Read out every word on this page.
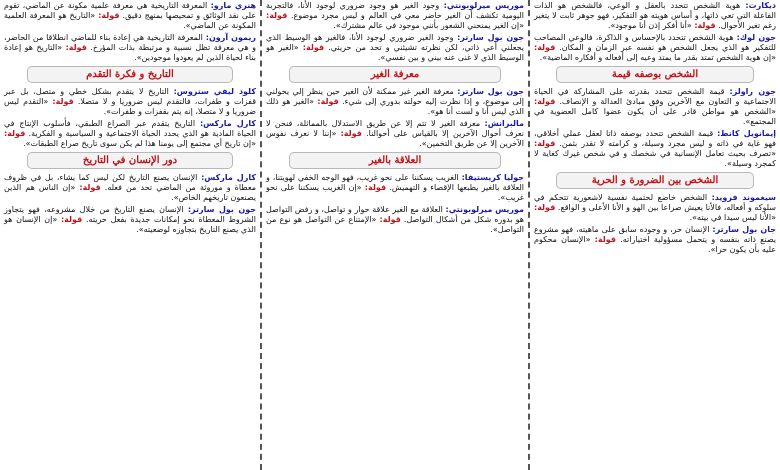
ديكارت: هوية الشخص تتحدد بالعقل و الوعي، فالشخص هو الذات الفاعلة التي تعي ذاتها، و أساس هويته هو التفكير، فهو جوهر ثابت لا يتغير رغم تغير الأحوال. قولة: «أنا أفكر إذن أنا موجود».

جون لوك: هوية الشخص تتحدد بالإحساس و الذاكرة، فالوعي المصاحب للتفكير هو الذي يجعل الشخص هو نفسه عبر الزمان و المكان. قولة: «إن هوية الشخص تمتد بقدر ما يمتد وعيه إلى أفعاله و أفكاره الماضية».

الشخص بوصفه قيمة

جون راولز: قيمة الشخص تتحدد بقدرته على المشاركة في الحياة الاجتماعية و التعاون مع الآخرين وفق مبادئ العدالة و الإنصاف. قولة: «الشخص هو مواطن قادر على أن يكون عضوا كامل العضوية في المجتمع».

إيمانويل كانط: قيمة الشخص تتحدد بوصفه ذاتا لعقل عملي أخلاقي، فهو غاية في ذاته و ليس مجرد وسيلة، و كرامته لا تقدر بثمن. قولة: «تصرف بحيث تعامل الإنسانية في شخصك و في شخص غيرك كغاية لا كمجرد وسيلة».

الشخص بين الضرورة و الحرية

سيغموند فرويد: الشخص خاضع لحتمية نفسية لاشعورية تتحكم في سلوكه و أفعاله، فالأنا يعيش صراعا بين الهو و الأنا الأعلى و الواقع. قولة: «الأنا ليس سيدا في بيته».

جان بول سارتر: الإنسان حر، و وجوده سابق على ماهيته، فهو مشروع يصنع ذاته بنفسه و يتحمل مسؤولية اختياراته. قولة: «الإنسان محكوم عليه بأن يكون حرا».

موريس ميرلوبونتي: وجود الغير هو وجود ضروري لوجود الأنا، فالتجربة اليومية تكشف أن الغير حاضر معي في العالم و ليس مجرد موضوع. قولة: «إن الغير يمنحني الشعور بأنني موجود في عالم مشترك».

جون بول سارتر: وجود الغير ضروري لوجود الأنا، فالغير هو الوسيط الذي يجعلني أعي ذاتي، لكن نظرته تشيئني و تحد من حريتي. قولة: «الغير هو الوسيط الذي لا غنى عنه بيني و بين نفسي».

معرفة الغير

جون بول سارتر: معرفة الغير غير ممكنة لأن الغير حين ينظر إلي يحولني إلى موضوع، و إذا نظرت إليه حولته بدوري إلى شيء. قولة: «الغير هو ذلك الذي ليس أنا و لست أنا هو».

مالبرانش: معرفة الغير لا تتم إلا عن طريق الاستدلال بالمماثلة، فنحن لا نعرف أحوال الآخرين إلا بالقياس على أحوالنا. قولة: «إننا لا نعرف نفوس الآخرين إلا عن طريق التخمين».

العلاقة بالغير

جوليا كريستيفا: الغريب يسكننا على نحو غريب، فهو الوجه الخفي لهويتنا، و العلاقة بالغير يطبعها الإقصاء و التهميش. قولة: «إن الغريب يسكننا على نحو غريب».

موريس ميرلوبونتي: العلاقة مع الغير علاقة حوار و تواصل، و رفض التواصل هو بدوره شكل من أشكال التواصل. قولة: «الإمتناع عن التواصل هو نوع من التواصل».

هنري مارو: المعرفة التاريخية هي معرفة علمية مكونة عن الماضي، تقوم على نقد الوثائق و تمحيصها بمنهج دقيق. قولة: «التاريخ هو المعرفة العلمية المكونة عن الماضي».

ريمون آرون: المعرفة التاريخية هي إعادة بناء للماضي انطلاقا من الحاضر، و هي معرفة تظل نسبية و مرتبطة بذات المؤرخ. قولة: «التاريخ هو إعادة بناء لحياة الذين لم يعودوا موجودين».

التاريخ و فكرة التقدم

كلود ليفي ستروس: التاريخ لا يتقدم بشكل خطي و متصل، بل عبر قفزات و طفرات، فالتقدم ليس ضروريا و لا متصلا. قولة: «التقدم ليس ضروريا و لا متصلا، إنه يتم بقفزات و طفرات».

كارل ماركس: التاريخ يتقدم عبر الصراع الطبقي، فأسلوب الإنتاج في الحياة المادية هو الذي يحدد الحياة الاجتماعية و السياسية و الفكرية. قولة: «إن تاريخ أي مجتمع إلى يومنا هذا لم يكن سوى تاريخ صراع الطبقات».

دور الإنسان في التاريخ

كارل ماركس: الإنسان يصنع التاريخ لكن ليس كما يشاء، بل في ظروف معطاة و موروثة من الماضي تحد من فعله. قولة: «إن الناس هم الذين يصنعون تاريخهم الخاص».

جون بول سارتر: الإنسان يصنع التاريخ من خلال مشروعه، فهو يتجاوز الشروط المعطاة نحو إمكانات جديدة بفعل حريته. قولة: «إن الإنسان هو الذي يصنع التاريخ بتجاوزه لوضعيته».
